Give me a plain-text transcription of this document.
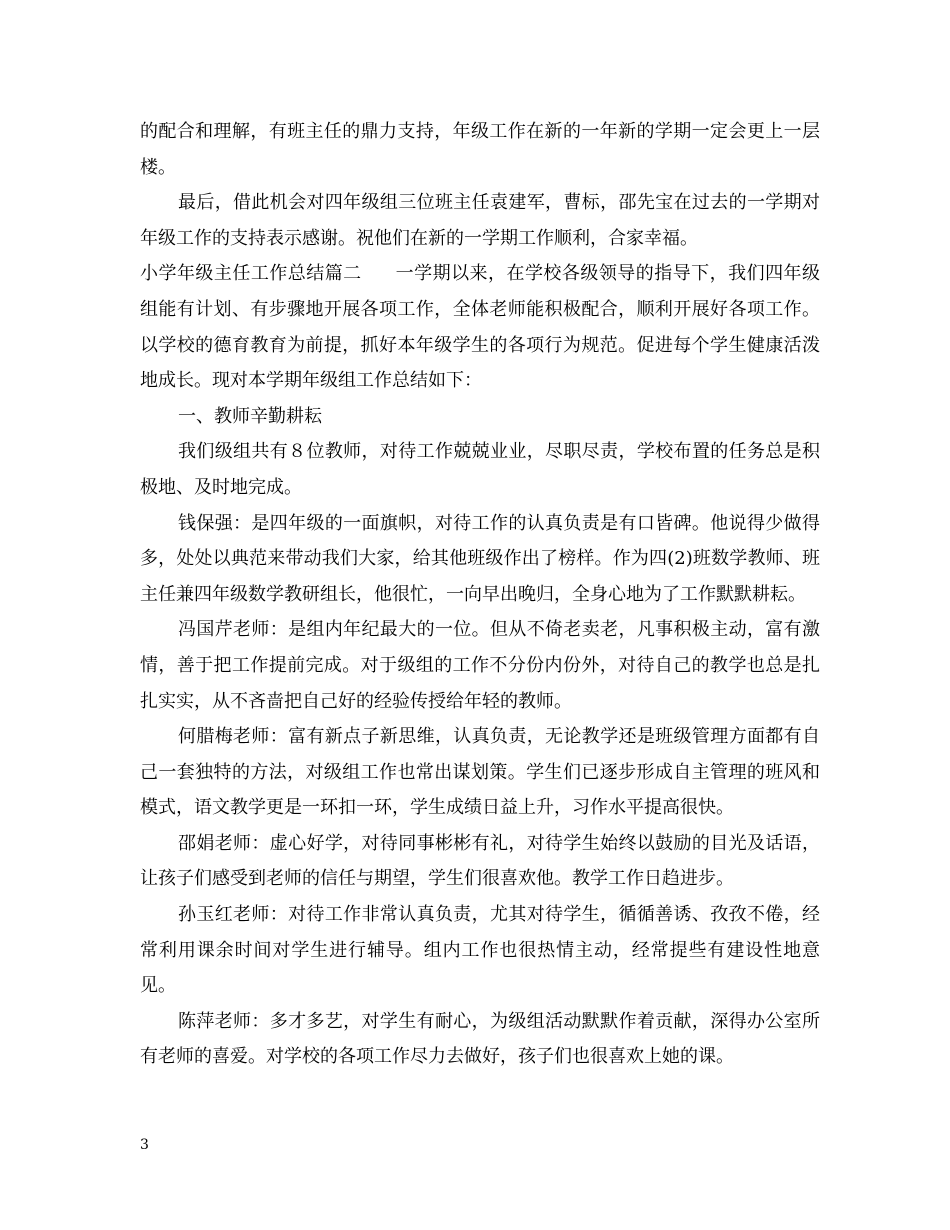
的配合和理解，有班主任的鼎力支持，年级工作在新的一年新的学期一定会更上一层楼。

最后，借此机会对四年级组三位班主任袁建军，曹标，邵先宝在过去的一学期对年级工作的支持表示感谢。祝他们在新的一学期工作顺利，合家幸福。

小学年级主任工作总结篇二 一学期以来，在学校各级领导的指导下，我们四年级组能有计划、有步骤地开展各项工作，全体老师能积极配合，顺利开展好各项工作。以学校的德育教育为前提，抓好本年级学生的各项行为规范。促进每个学生健康活泼地成长。现对本学期年级组工作总结如下：

一、教师辛勤耕耘

我们级组共有８位教师，对待工作兢兢业业，尽职尽责，学校布置的任务总是积极地、及时地完成。

钱保强：是四年级的一面旗帜，对待工作的认真负责是有口皆碑。他说得少做得多，处处以典范来带动我们大家，给其他班级作出了榜样。作为四(2)班数学教师、班主任兼四年级数学教研组长，他很忙，一向早出晚归，全身心地为了工作默默耕耘。

冯国芹老师：是组内年纪最大的一位。但从不倚老卖老，凡事积极主动，富有激情，善于把工作提前完成。对于级组的工作不分份内份外，对待自己的教学也总是扎扎实实，从不吝啬把自己好的经验传授给年轻的教师。

何腊梅老师：富有新点子新思维，认真负责，无论教学还是班级管理方面都有自己一套独特的方法，对级组工作也常出谋划策。学生们已逐步形成自主管理的班风和模式，语文教学更是一环扣一环，学生成绩日益上升，习作水平提高很快。

邵娟老师：虚心好学，对待同事彬彬有礼，对待学生始终以鼓励的目光及话语，让孩子们感受到老师的信任与期望，学生们很喜欢他。教学工作日趋进步。

孙玉红老师：对待工作非常认真负责，尤其对待学生，循循善诱、孜孜不倦，经常利用课余时间对学生进行辅导。组内工作也很热情主动，经常提些有建设性地意见。

陈萍老师：多才多艺，对学生有耐心，为级组活动默默作着贡献，深得办公室所有老师的喜爱。对学校的各项工作尽力去做好，孩子们也很喜欢上她的课。

3
